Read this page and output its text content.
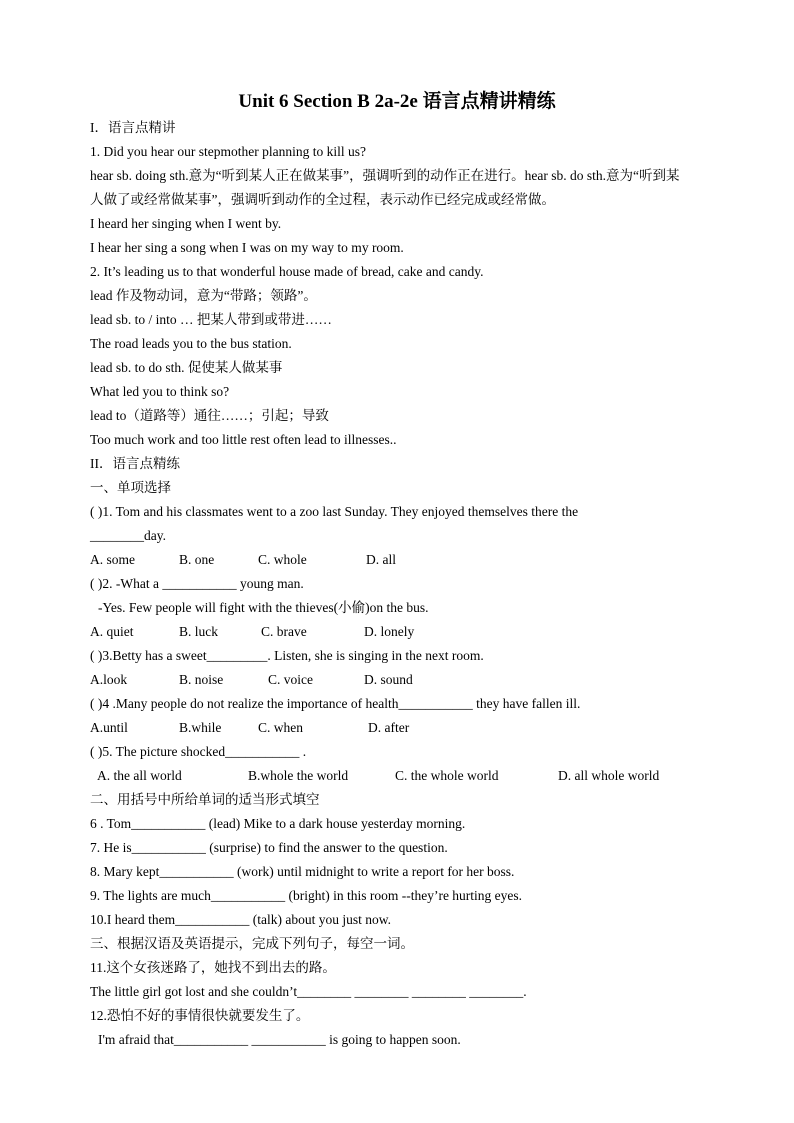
Unit 6 Section B 2a-2e 语言点精讲精练
I．语言点精讲
1. Did you hear our stepmother planning to kill us?
hear sb. doing sth.意为“听到某人正在做某事”，强调听到的动作正在进行。hear sb. do sth.意为“听到某
人做了或经常做某事”，强调听到动作的全过程，表示动作已经完成或经常做。
I heard her singing when I went by.
I hear her sing a song when I was on my way to my room.
2. It’s leading us to that wonderful house made of bread, cake and candy.
lead 作及物动词，意为“带路；领路”。
lead sb. to / into … 把某人带到或带进……
The road leads you to the bus station.
lead sb. to do sth. 促使某人做某事
What led you to think so?
lead to（道路等）通往……；引起；导致
Too much work and too little rest often lead to illnesses..
II．语言点精练
一、单项选择
( )1. Tom and his classmates went to a zoo last Sunday. They enjoyed themselves there the
________day.
A. some	B. one	C. whole	D. all
( )2. -What a ___________ young man.
-Yes. Few people will fight with the thieves(小偷)on the bus.
A. quiet	B. luck	C. brave	D. lonely
( )3.Betty has a sweet_________. Listen, she is singing in the next room.
A.look	B. noise	C. voice	D. sound
( )4 .Many people do not realize the importance of health___________ they have fallen ill.
A.until	B.while	C. when	D. after
( )5. The picture shocked___________ .
A. the all world	B.whole the world	C. the whole world	D. all whole world
二、用括号中所给单词的适当形式填空
6 . Tom___________ (lead) Mike to a dark house yesterday morning.
7. He is___________ (surprise) to find the answer to the question.
8. Mary kept___________ (work) until midnight to write a report for her boss.
9. The lights are much___________ (bright) in this room --they’re hurting eyes.
10.I heard them___________ (talk) about you just now.
三、根据汉语及英语提示，完成下列句子，每空一词。
11.这个女孩迷路了，她找不到出去的路。
The little girl got lost and she couldn’t________ ________ ________ ________.
12.恐怕不好的事情很快就要发生了。
I'm afraid that___________ ___________ is going to happen soon.
